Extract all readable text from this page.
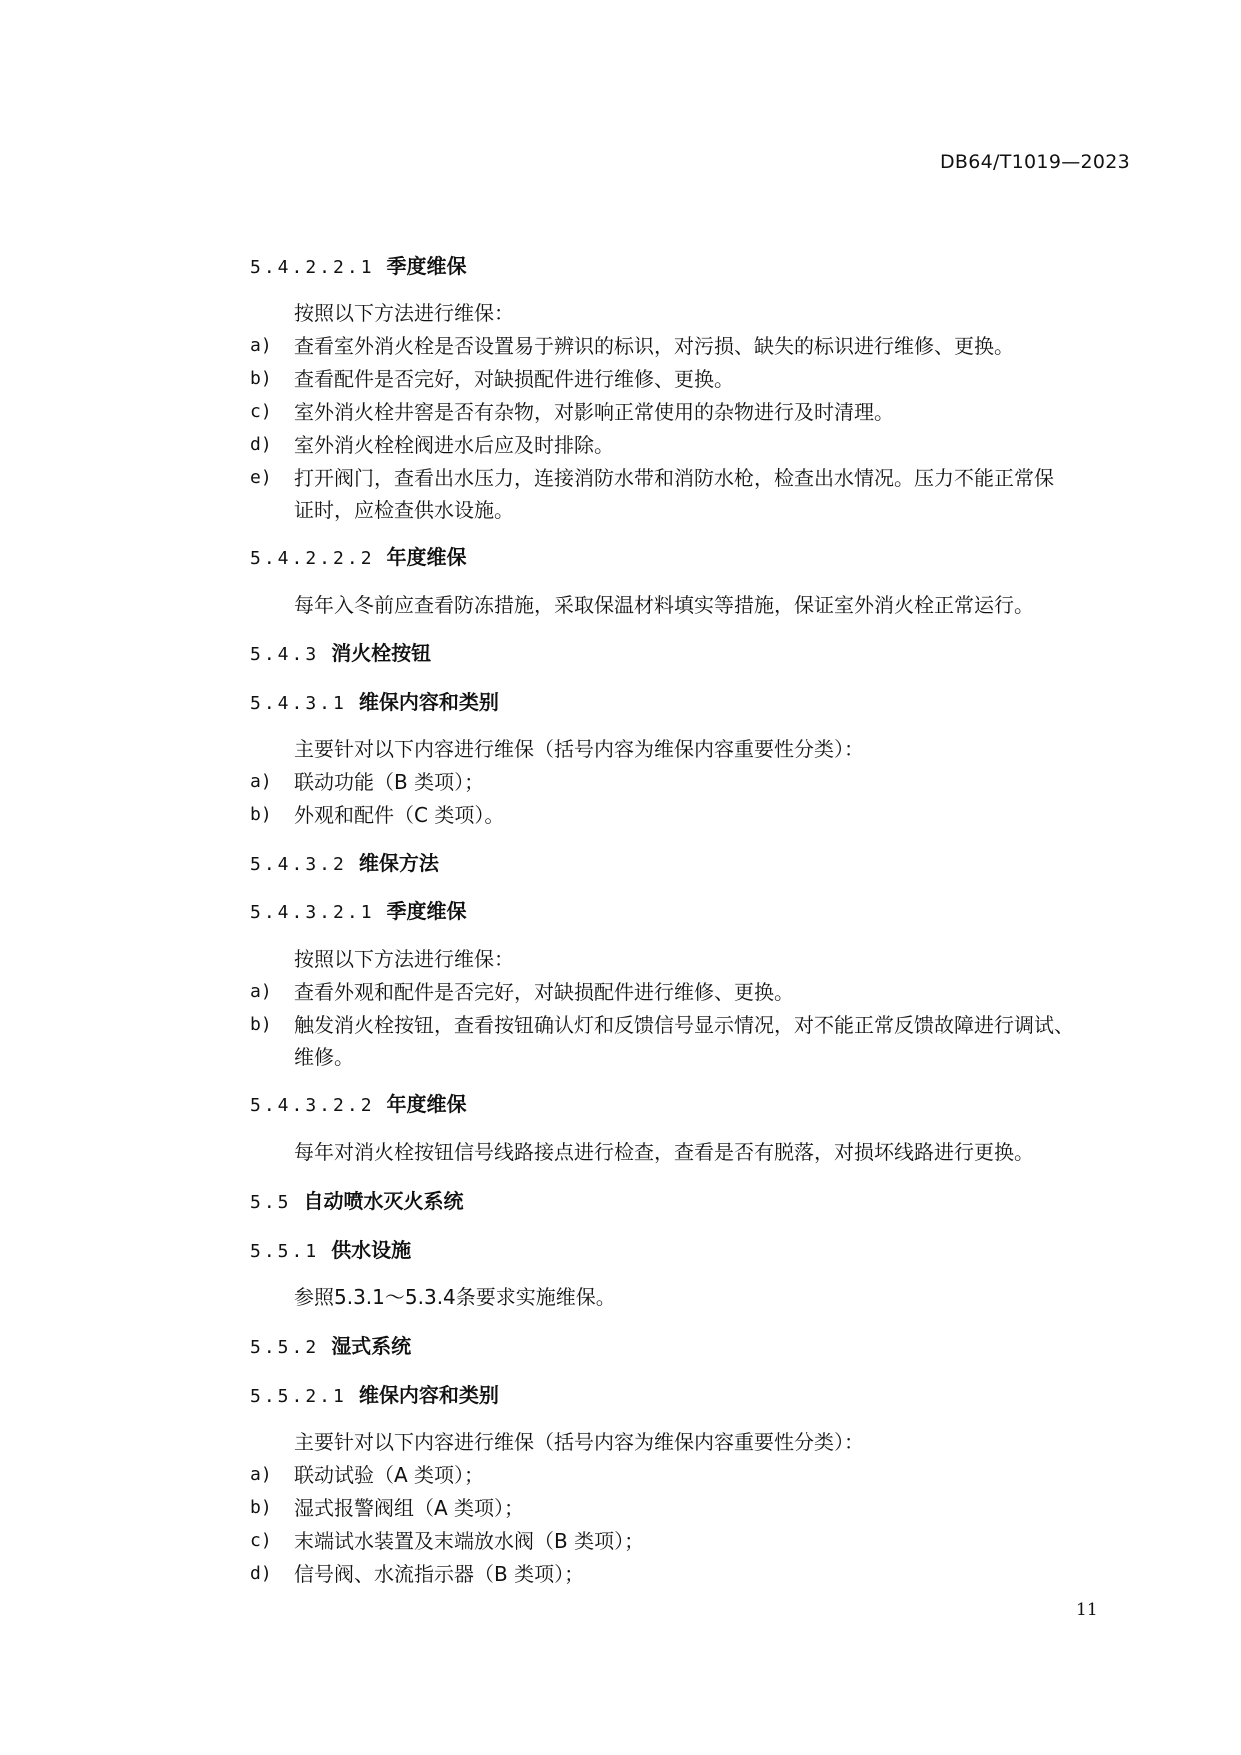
DB64/T1019—2023
5.4.2.2.1 季度维保
按照以下方法进行维保：
a) 查看室外消火栓是否设置易于辨识的标识，对污损、缺失的标识进行维修、更换。
b) 查看配件是否完好，对缺损配件进行维修、更换。
c) 室外消火栓井窖是否有杂物，对影响正常使用的杂物进行及时清理。
d) 室外消火栓栓阀进水后应及时排除。
e) 打开阀门，查看出水压力，连接消防水带和消防水枪，检查出水情况。压力不能正常保
证时，应检查供水设施。
5.4.2.2.2 年度维保
每年入冬前应查看防冻措施，采取保温材料填实等措施，保证室外消火栓正常运行。
5.4.3 消火栓按钮
5.4.3.1 维保内容和类别
主要针对以下内容进行维保（括号内容为维保内容重要性分类）：
a) 联动功能（B 类项）；
b) 外观和配件（C 类项）。
5.4.3.2 维保方法
5.4.3.2.1 季度维保
按照以下方法进行维保：
a) 查看外观和配件是否完好，对缺损配件进行维修、更换。
b) 触发消火栓按钮，查看按钮确认灯和反馈信号显示情况，对不能正常反馈故障进行调试、
维修。
5.4.3.2.2 年度维保
每年对消火栓按钮信号线路接点进行检查，查看是否有脱落，对损坏线路进行更换。
5.5 自动喷水灭火系统
5.5.1 供水设施
参照5.3.1～5.3.4条要求实施维保。
5.5.2 湿式系统
5.5.2.1 维保内容和类别
主要针对以下内容进行维保（括号内容为维保内容重要性分类）：
a) 联动试验（A 类项）；
b) 湿式报警阀组（A 类项）；
c) 末端试水装置及末端放水阀（B 类项）；
d) 信号阀、水流指示器（B 类项）；
11
